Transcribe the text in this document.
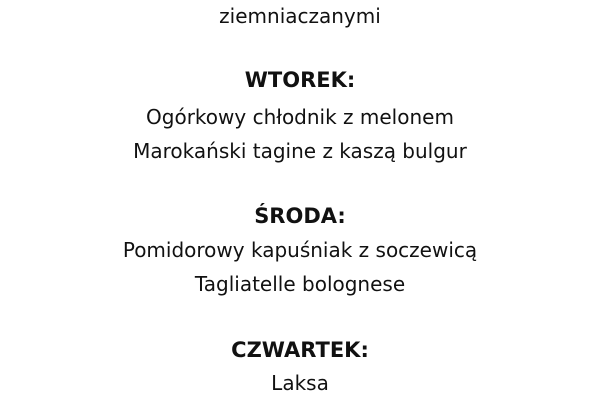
ziemniaczanymi
WTOREK:
Ogórkowy chłodnik z melonem
Marokański tagine z kaszą bulgur
ŚRODA:
Pomidorowy kapuśniak z soczewicą
Tagliatelle bolognese
CZWARTEK:
Laksa
